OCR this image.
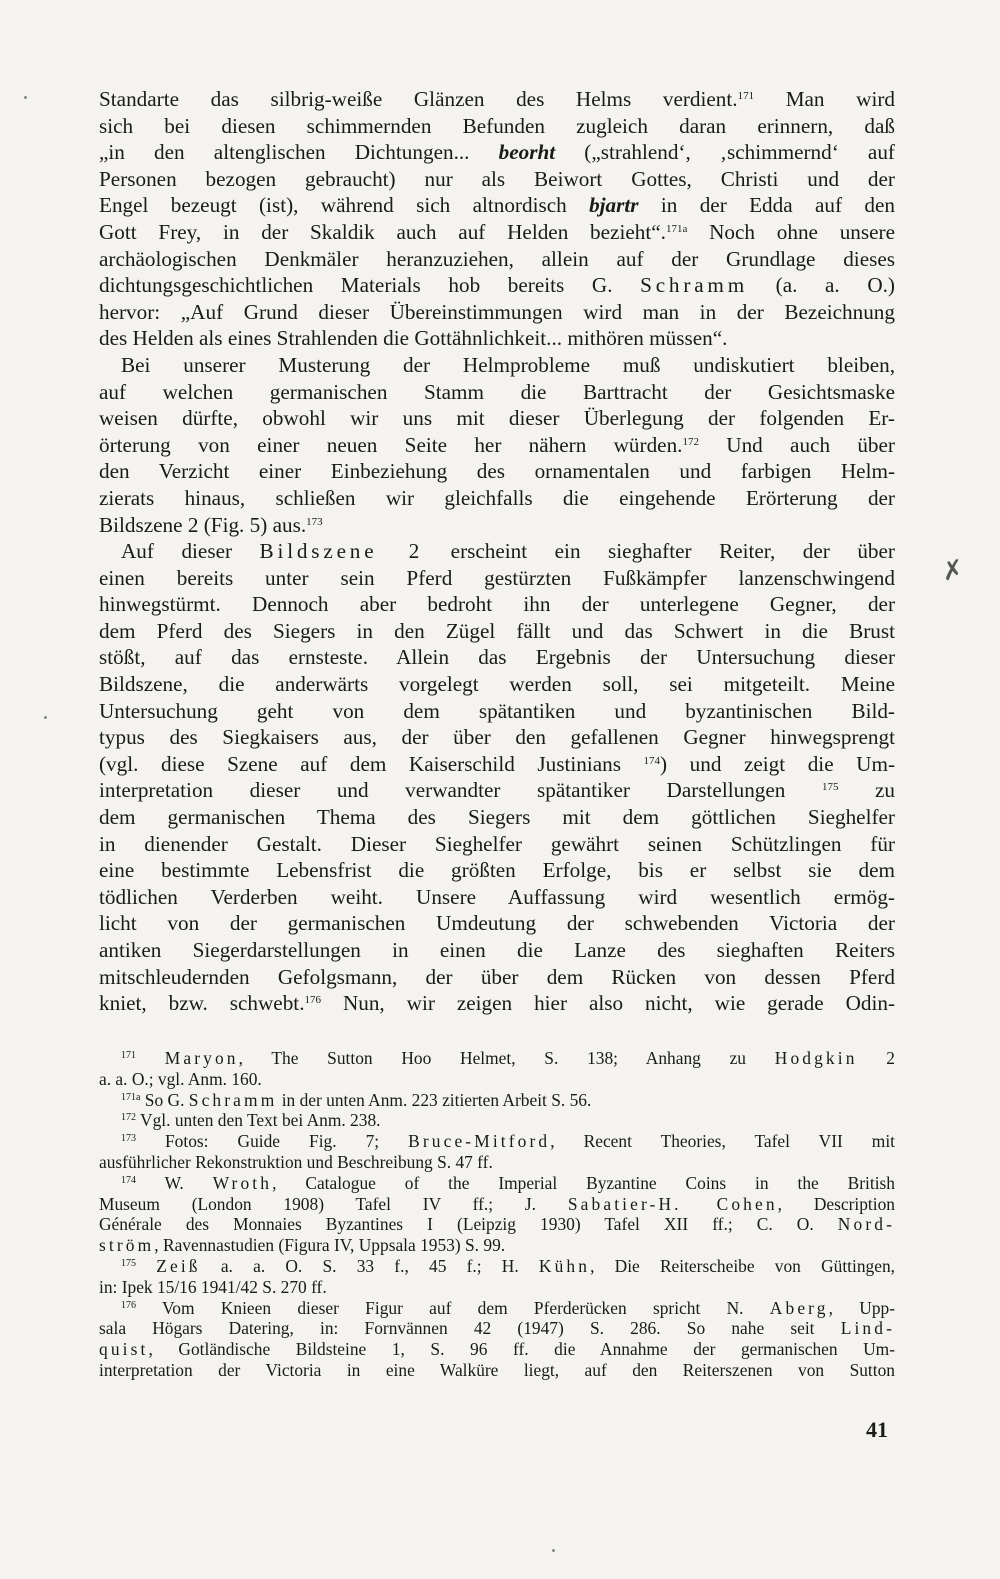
Standarte das silbrig-weiße Glänzen des Helms verdient.$^{171}$ Man wird
sich bei diesen schimmernden Befunden zugleich daran erinnern, daß
„in den altenglischen Dichtungen... beorht („strahlend‘, ‚schimmernd‘ auf
Personen bezogen gebraucht) nur als Beiwort Gottes, Christi und der
Engel bezeugt (ist), während sich altnordisch bjartr in der Edda auf den
Gott Frey, in der Skaldik auch auf Helden bezieht“.$^{171a}$ Noch ohne unsere
archäologischen Denkmäler heranzuziehen, allein auf der Grundlage dieses
dichtungsgeschichtlichen Materials hob bereits G. Schramm (a. a. O.)
hervor: „Auf Grund dieser Übereinstimmungen wird man in der Bezeichnung
des Helden als eines Strahlenden die Gottähnlichkeit... mithören müssen“.
Bei unserer Musterung der Helmprobleme muß undiskutiert bleiben,
auf welchen germanischen Stamm die Barttracht der Gesichtsmaske
weisen dürfte, obwohl wir uns mit dieser Überlegung der folgenden Er-
örterung von einer neuen Seite her nähern würden.$^{172}$ Und auch über
den Verzicht einer Einbeziehung des ornamentalen und farbigen Helm-
zierats hinaus, schließen wir gleichfalls die eingehende Erörterung der
Bildszene 2 (Fig. 5) aus.$^{173}$
Auf dieser Bildszene 2 erscheint ein sieghafter Reiter, der über
einen bereits unter sein Pferd gestürzten Fußkämpfer lanzenschwingend
hinwegstürmt. Dennoch aber bedroht ihn der unterlegene Gegner, der
dem Pferd des Siegers in den Zügel fällt und das Schwert in die Brust
stößt, auf das ernsteste. Allein das Ergebnis der Untersuchung dieser
Bildszene, die anderwärts vorgelegt werden soll, sei mitgeteilt. Meine
Untersuchung geht von dem spätantiken und byzantinischen Bild-
typus des Siegkaisers aus, der über den gefallenen Gegner hinwegsprengt
(vgl. diese Szene auf dem Kaiserschild Justinians $^{174}$) und zeigt die Um-
interpretation dieser und verwandter spätantiker Darstellungen $^{175}$ zu
dem germanischen Thema des Siegers mit dem göttlichen Sieghelfer
in dienender Gestalt. Dieser Sieghelfer gewährt seinen Schützlingen für
eine bestimmte Lebensfrist die größten Erfolge, bis er selbst sie dem
tödlichen Verderben weiht. Unsere Auffassung wird wesentlich ermög-
licht von der germanischen Umdeutung der schwebenden Victoria der
antiken Siegerdarstellungen in einen die Lanze des sieghaften Reiters
mitschleudernden Gefolgsmann, der über dem Rücken von dessen Pferd
kniet, bzw. schwebt.$^{176}$ Nun, wir zeigen hier also nicht, wie gerade Odin-
✗
$^{171}$ Maryon, The Sutton Hoo Helmet, S. 138; Anhang zu Hodgkin 2
a. a. O.; vgl. Anm. 160.
$^{171a}$ So G. Schramm in der unten Anm. 223 zitierten Arbeit S. 56.
$^{172}$ Vgl. unten den Text bei Anm. 238.
$^{173}$ Fotos: Guide Fig. 7; Bruce-Mitford, Recent Theories, Tafel VII mit
ausführlicher Rekonstruktion und Beschreibung S. 47 ff.
$^{174}$ W. Wroth, Catalogue of the Imperial Byzantine Coins in the British
Museum (London 1908) Tafel IV ff.; J. Sabatier-H. Cohen, Description
Générale des Monnaies Byzantines I (Leipzig 1930) Tafel XII ff.; C. O. Nord-
ström, Ravennastudien (Figura IV, Uppsala 1953) S. 99.
$^{175}$ Zeiß a. a. O. S. 33 f., 45 f.; H. Kühn, Die Reiterscheibe von Güttingen,
in: Ipek 15/16 1941/42 S. 270 ff.
$^{176}$ Vom Knieen dieser Figur auf dem Pferderücken spricht N. Aberg, Upp-
sala Högars Datering, in: Fornvännen 42 (1947) S. 286. So nahe seit Lind-
quist, Gotländische Bildsteine 1, S. 96 ff. die Annahme der germanischen Um-
interpretation der Victoria in eine Walküre liegt, auf den Reiterszenen von Sutton
41
